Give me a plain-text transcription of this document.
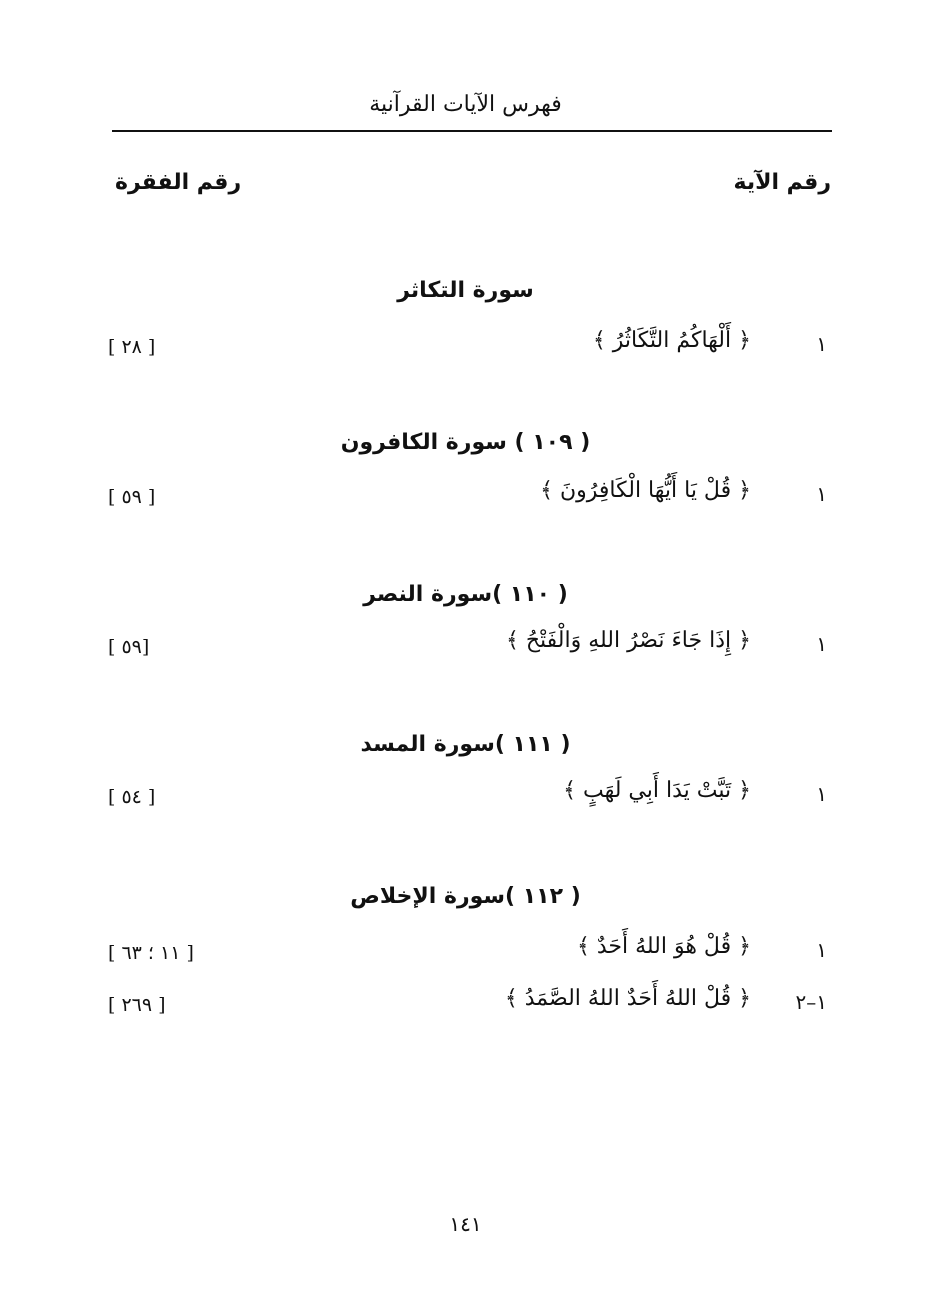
فهرس الآيات القرآنية
رقم الآية
رقم الفقرة
سورة التكاثر
١
﴿ أَلْهَاكُمُ التَّكَاثُرُ ﴾
[ ٢٨ ]
( ١٠٩ ) سورة الكافرون
١
﴿ قُلْ يَا أَيُّهَا الْكَافِرُونَ ﴾
[ ٥٩ ]
( ١١٠ )سورة النصر
١
﴿ إِذَا جَاءَ نَصْرُ اللهِ وَالْفَتْحُ ﴾
[ ٥٩]
( ١١١ )سورة المسد
١
﴿ تَبَّتْ يَدَا أَبِي لَهَبٍ ﴾
[ ٥٤ ]
( ١١٢ )سورة الإخلاص
١
﴿ قُلْ هُوَ اللهُ أَحَدٌ ﴾
[ ١١ ؛ ٦٣ ]
١–٢
﴿ قُلْ اللهُ أَحَدٌ اللهُ الصَّمَدُ ﴾
[ ٢٦٩ ]
١٤١
